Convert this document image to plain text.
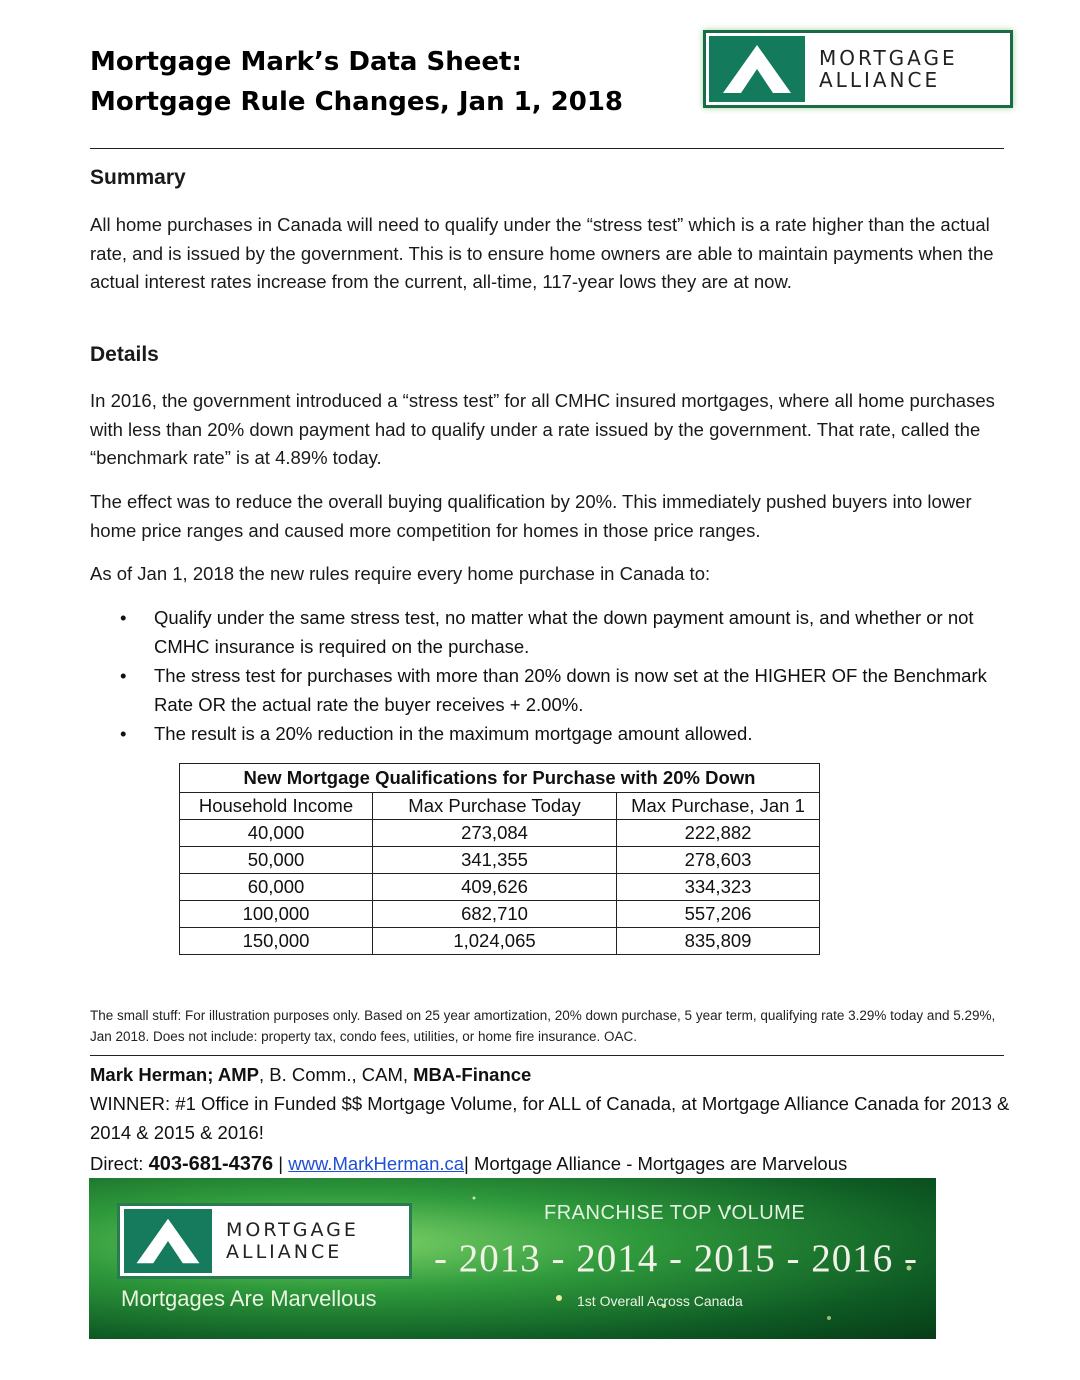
Mortgage Mark’s Data Sheet:
Mortgage Rule Changes, Jan 1, 2018
MORTGAGE
ALLIANCE
Summary

All home purchases in Canada will need to qualify under the “stress test” which is a rate higher than the actual rate, and is issued by the government. This is to ensure home owners are able to maintain payments when the actual interest rates increase from the current, all-time, 117-year lows they are at now.

Details

In 2016, the government introduced a “stress test” for all CMHC insured mortgages, where all home purchases with less than 20% down payment had to qualify under a rate issued by the government. That rate, called the “benchmark rate” is at 4.89% today.

The effect was to reduce the overall buying qualification by 20%. This immediately pushed buyers into lower home price ranges and caused more competition for homes in those price ranges.

As of Jan 1, 2018 the new rules require every home purchase in Canada to:

• Qualify under the same stress test, no matter what the down payment amount is, and whether or not CMHC insurance is required on the purchase.
• The stress test for purchases with more than 20% down is now set at the HIGHER OF the Benchmark Rate OR the actual rate the buyer receives + 2.00%.
• The result is a 20% reduction in the maximum mortgage amount allowed.
New Mortgage Qualifications for Purchase with 20% Down		
Household Income	Max Purchase Today	Max Purchase, Jan 1
40,000	273,084	222,882
50,000	341,355	278,603
60,000	409,626	334,323
100,000	682,710	557,206
150,000	1,024,065	835,809
The small stuff: For illustration purposes only. Based on 25 year amortization, 20% down purchase, 5 year term, qualifying rate 3.29% today and 5.29%, Jan 2018. Does not include: property tax, condo fees, utilities, or home fire insurance. OAC.
Mark Herman; AMP, B. Comm., CAM, MBA-Finance
WINNER: #1 Office in Funded $$ Mortgage Volume, for ALL of Canada, at Mortgage Alliance Canada for 2013 & 2014 & 2015 & 2016!
Direct: 403-681-4376 | www.MarkHerman.ca| Mortgage Alliance - Mortgages are Marvelous
MORTGAGE
ALLIANCE
Mortgages Are Marvellous
FRANCHISE TOP VOLUME
- 2013 - 2014 - 2015 - 2016 -
1st Overall Across Canada
